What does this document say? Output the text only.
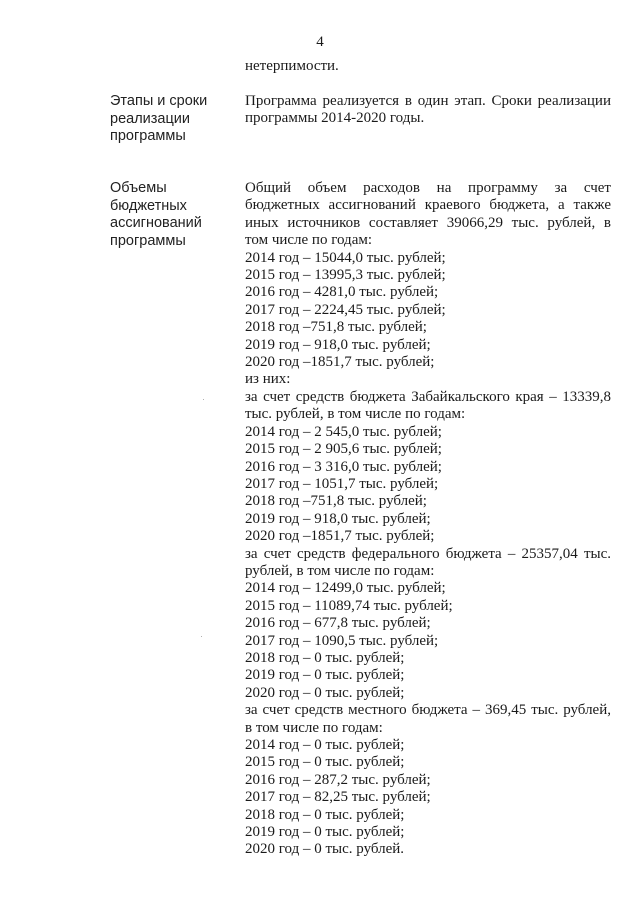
4
нетерпимости.
Этапы и сроки
реализации
программы
Программа реализуется в один этап. Сроки реализации
программы 2014-2020 годы.
Объемы
бюджетных
ассигнований
программы
Общий объем расходов на программу за счет
бюджетных ассигнований краевого бюджета, а также
иных источников составляет 39066,29 тыс. рублей, в
том числе по годам:
2014 год – 15044,0 тыс. рублей;
2015 год – 13995,3 тыс. рублей;
2016 год – 4281,0 тыс. рублей;
2017 год – 2224,45 тыс. рублей;
2018 год –751,8 тыс. рублей;
2019 год – 918,0 тыс. рублей;
2020 год –1851,7 тыс. рублей;
из них:
за счет средств бюджета Забайкальского края – 13339,8
тыс. рублей, в том числе по годам:
2014 год – 2 545,0 тыс. рублей;
2015 год – 2 905,6 тыс. рублей;
2016 год – 3 316,0 тыс. рублей;
2017 год – 1051,7 тыс. рублей;
2018 год –751,8 тыс. рублей;
2019 год – 918,0 тыс. рублей;
2020 год –1851,7 тыс. рублей;
за счет средств федерального бюджета – 25357,04 тыс.
рублей, в том числе по годам:
2014 год – 12499,0 тыс. рублей;
2015 год – 11089,74 тыс. рублей;
2016 год – 677,8 тыс. рублей;
2017 год – 1090,5 тыс. рублей;
2018 год – 0 тыс. рублей;
2019 год – 0 тыс. рублей;
2020 год – 0 тыс. рублей;
за счет средств местного бюджета – 369,45 тыс. рублей,
в том числе по годам:
2014 год – 0 тыс. рублей;
2015 год – 0 тыс. рублей;
2016 год – 287,2 тыс. рублей;
2017 год – 82,25 тыс. рублей;
2018 год – 0 тыс. рублей;
2019 год – 0 тыс. рублей;
2020 год – 0 тыс. рублей.
